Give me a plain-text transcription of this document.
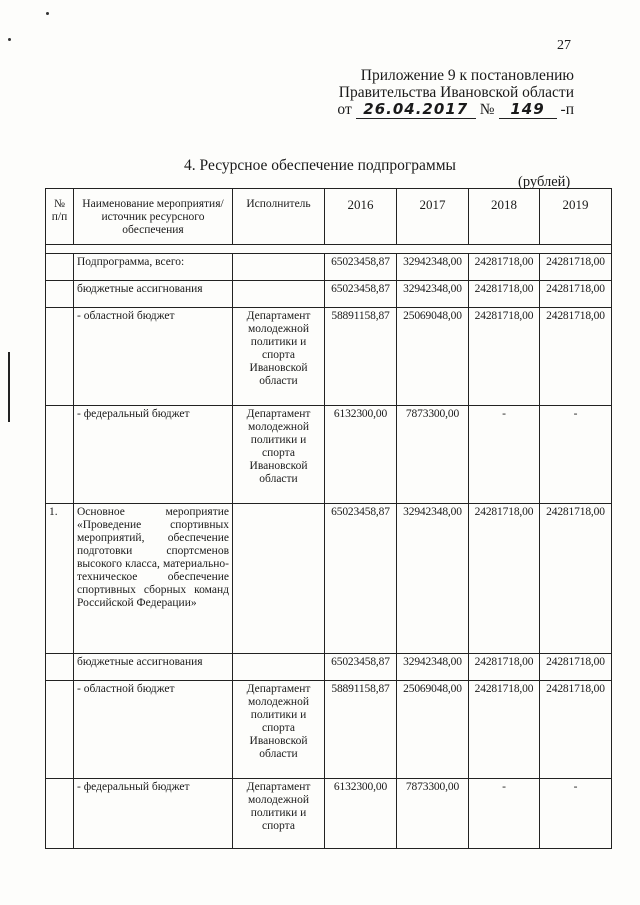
27
Приложение 9 к постановлению
Правительства Ивановской области
от 26.04.2017 №	149	-п
4. Ресурсное обеспечение подпрограммы
(рублей)
№ п/п	Наименование мероприятия/источник ресурсного обеспечения	Исполнитель	2016	2017	2018	2019

	Подпрограмма, всего:		65023458,87	32942348,00	24281718,00	24281718,00
	бюджетные ассигнования		65023458,87	32942348,00	24281718,00	24281718,00
	- областной бюджет	Департамент молодежной политики и спорта Ивановской области	58891158,87	25069048,00	24281718,00	24281718,00
	- федеральный бюджет	Департамент молодежной политики и спорта Ивановской области	6132300,00	7873300,00	-	-
1.	Основное мероприятие «Проведение спортивных мероприятий, обеспечение подготовки спортсменов высокого класса, материально-техническое обеспечение спортивных сборных команд Российской Федерации»		65023458,87	32942348,00	24281718,00	24281718,00
	бюджетные ассигнования		65023458,87	32942348,00	24281718,00	24281718,00
	- областной бюджет	Департамент молодежной политики и спорта Ивановской области	58891158,87	25069048,00	24281718,00	24281718,00
	- федеральный бюджет	Департамент молодежной политики и спорта	6132300,00	7873300,00	-	-
